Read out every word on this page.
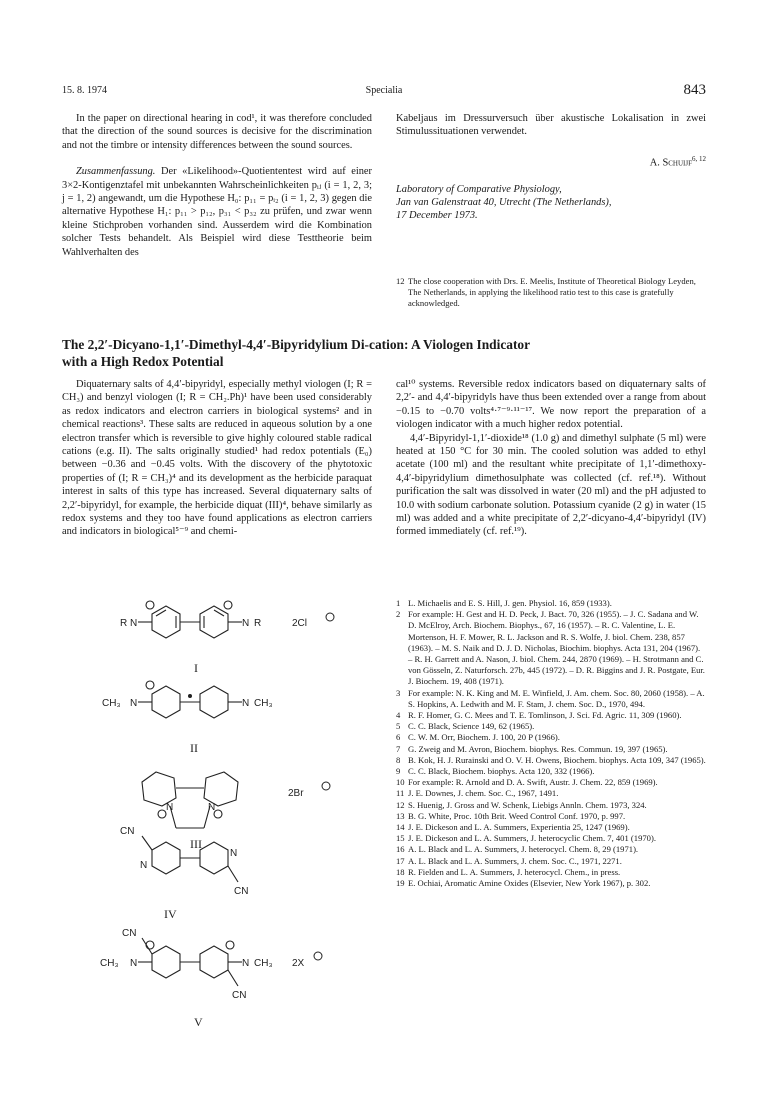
15. 8. 1974	Specialia	843

In the paper on directional hearing in cod¹, it was therefore concluded that the direction of the sound sources is decisive for the discrimination and not the timbre or intensity differences between the sound sources.

Zusammenfassung. Der «Likelihood»-Quotiententest wird auf einer 3×2-Kontigenztafel mit unbekannten Wahrscheinlichkeiten pᵢⱼ (i = 1, 2, 3; j = 1, 2) angewandt, um die Hypothese H₀: p₁₁ = pᵢ₂ (i = 1, 2, 3) gegen die alternative Hypothese H₁: p₁₁ > p₁₂, p₃₁ < p₃₂ zu prüfen, und zwar wenn kleine Stichproben vorhanden sind. Ausserdem wird die Kombination solcher Tests behandelt. Als Beispiel wird diese Testtheorie beim Wahlverhalten des

Kabeljaus im Dressurversuch über akustische Lokalisation in zwei Stimulussituationen verwendet.

A. Schuijf$^{6, 12}$
Laboratory of Comparative Physiology,
Jan van Galenstraat 40, Utrecht (The Netherlands),
17 December 1973.

12 The close cooperation with Drs. E. Meelis, Institute of Theoretical Biology Leyden, The Netherlands, in applying the likelihood ratio test to this case is gratefully acknowledged.

The 2,2′-Dicyano-1,1′-Dimethyl-4,4′-Bipyridylium Di-cation: A Viologen Indicator
with a High Redox Potential

Diquaternary salts of 4,4′-bipyridyl, especially methyl viologen (I; R = CH₃) and benzyl viologen (I; R = CH₂.Ph)¹ have been used considerably as redox indicators and electron carriers in biological systems² and in chemical reactions³. These salts are reduced in aqueous solution by a one electron transfer which is reversible to give highly coloured stable radical cations (e.g. II). The salts originally studied¹ had redox potentials (E₀) between −0.36 and −0.45 volts. With the discovery of the phytotoxic properties of (I; R = CH₃)⁴ and its development as the herbicide paraquat interest in salts of this type has increased. Several diquaternary salts of 2,2′-bipyridyl, for example, the herbicide diquat (III)⁴, behave similarly as redox systems and they too have found applications as electron carriers and indicators in biological⁵⁻⁹ and chemi-

cal¹⁰ systems. Reversible redox indicators based on diquaternary salts of 2,2′- and 4,4′-bipyridyls have thus been extended over a range from about −0.15 to −0.70 volts⁴·⁷⁻⁹·¹¹⁻¹⁷. We now report the preparation of a viologen indicator with a much higher redox potential.

4,4′-Bipyridyl-1,1′-dioxide¹⁸ (1.0 g) and dimethyl sulphate (5 ml) were heated at 150 °C for 30 min. The cooled solution was added to ethyl acetate (100 ml) and the resultant white precipitate of 1,1′-dimethoxy-4,4′-bipyridylium dimethosulphate was collected (cf. ref.¹⁸). Without purification the salt was dissolved in water (20 ml) and the pH adjusted to 10.0 with sodium carbonate solution. Potassium cyanide (2 g) in water (15 ml) was added and a white precipitate of 2,2′-dicyano-4,4′-bipyridyl (IV) formed immediately (cf. ref.¹⁹).

R N	N R	2Cl
I
CH₃ N	N CH₃
II
N	N
2Br
III
CN
N
N
CN
IV
CN
CH₃ N	N CH₃
CN
2X
V

1 L. Michaelis and E. S. Hill, J. gen. Physiol. 16, 859 (1933).

2 For example: H. Gest and H. D. Peck, J. Bact. 70, 326 (1955). – J. C. Sadana and W. D. McElroy, Arch. Biochem. Biophys., 67, 16 (1957). – R. C. Valentine, L. E. Mortenson, H. F. Mower, R. L. Jackson and R. S. Wolfe, J. biol. Chem. 238, 857 (1963). – M. S. Naik and D. J. D. Nicholas, Biochim. biophys. Acta 131, 204 (1967). – R. H. Garrett and A. Nason, J. biol. Chem. 244, 2870 (1969). – H. Strotmann and C. von Gösseln, Z. Naturforsch. 27b, 445 (1972). – D. R. Biggins and J. R. Postgate, Eur. J. Biochem. 19, 408 (1971).

3 For example: N. K. King and M. E. Winfield, J. Am. chem. Soc. 80, 2060 (1958). – A. S. Hopkins, A. Ledwith and M. F. Stam, J. chem. Soc. D., 1970, 494.

4 R. F. Homer, G. C. Mees and T. E. Tomlinson, J. Sci. Fd. Agric. 11, 309 (1960).

5 C. C. Black, Science 149, 62 (1965).

6 C. W. M. Orr, Biochem. J. 100, 20 P (1966).

7 G. Zweig and M. Avron, Biochem. biophys. Res. Commun. 19, 397 (1965).

8 B. Kok, H. J. Rurainski and O. V. H. Owens, Biochem. biophys. Acta 109, 347 (1965).

9 C. C. Black, Biochem. biophys. Acta 120, 332 (1966).

10 For example: R. Arnold and D. A. Swift, Austr. J. Chem. 22, 859 (1969).

11 J. E. Downes, J. chem. Soc. C., 1967, 1491.

12 S. Huenig, J. Gross and W. Schenk, Liebigs Annln. Chem. 1973, 324.

13 B. G. White, Proc. 10th Brit. Weed Control Conf. 1970, p. 997.

14 J. E. Dickeson and L. A. Summers, Experientia 25, 1247 (1969).

15 J. E. Dickeson and L. A. Summers, J. heterocyclic Chem. 7, 401 (1970).

16 A. L. Black and L. A. Summers, J. heterocycl. Chem. 8, 29 (1971).

17 A. L. Black and L. A. Summers, J. chem. Soc. C., 1971, 2271.

18 R. Fielden and L. A. Summers, J. heterocycl. Chem., in press.

19 E. Ochiai, Aromatic Amine Oxides (Elsevier, New York 1967), p. 302.
